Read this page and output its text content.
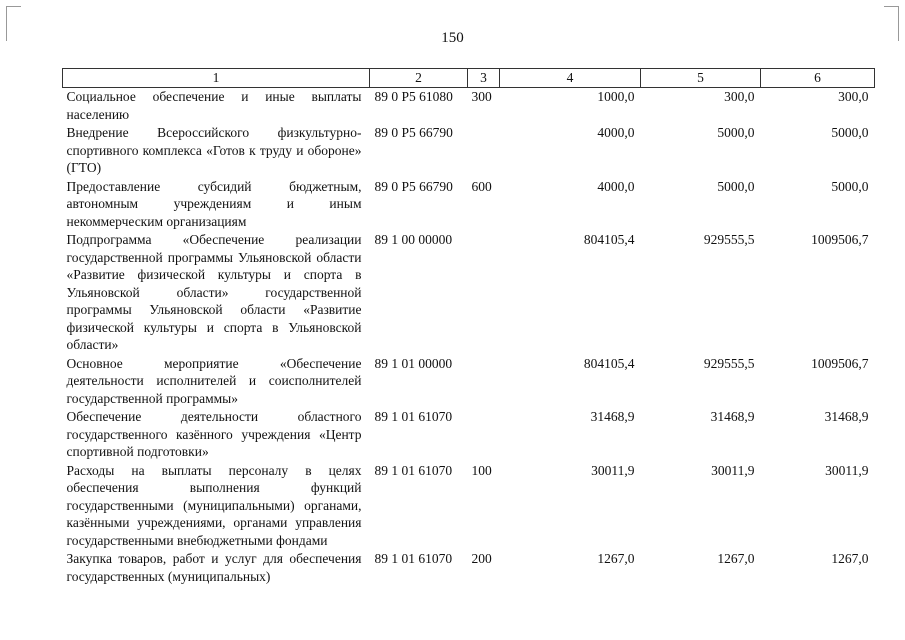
150
1	2	3	4	5	6
Социальное обеспечение и иные выплаты населению	89 0 Р5 61080	300	1000,0	300,0	300,0
Внедрение Всероссийского физкультурно-спортивного комплекса «Готов к труду и обороне» (ГТО)	89 0 Р5 66790		4000,0	5000,0	5000,0
Предоставление субсидий бюджетным, автономным учреждениям и иным некоммерческим организациям	89 0 Р5 66790	600	4000,0	5000,0	5000,0
Подпрограмма «Обеспечение реализации государственной программы Ульяновской области «Развитие физической культуры и спорта в Ульяновской области» государственной программы Ульяновской области «Развитие физической культуры и спорта в Ульяновской области»	89 1 00 00000		804105,4	929555,5	1009506,7
Основное мероприятие «Обеспечение деятельности исполнителей и соисполнителей государственной программы»	89 1 01 00000		804105,4	929555,5	1009506,7
Обеспечение деятельности областного государственного казённого учреждения «Центр спортивной подготовки»	89 1 01 61070		31468,9	31468,9	31468,9
Расходы на выплаты персоналу в целях обеспечения выполнения функций государственными (муниципальными) органами, казёнными учреждениями, органами управления государственными внебюджетными фондами	89 1 01 61070	100	30011,9	30011,9	30011,9
Закупка товаров, работ и услуг для обеспечения государственных (муниципальных)	89 1 01 61070	200	1267,0	1267,0	1267,0
